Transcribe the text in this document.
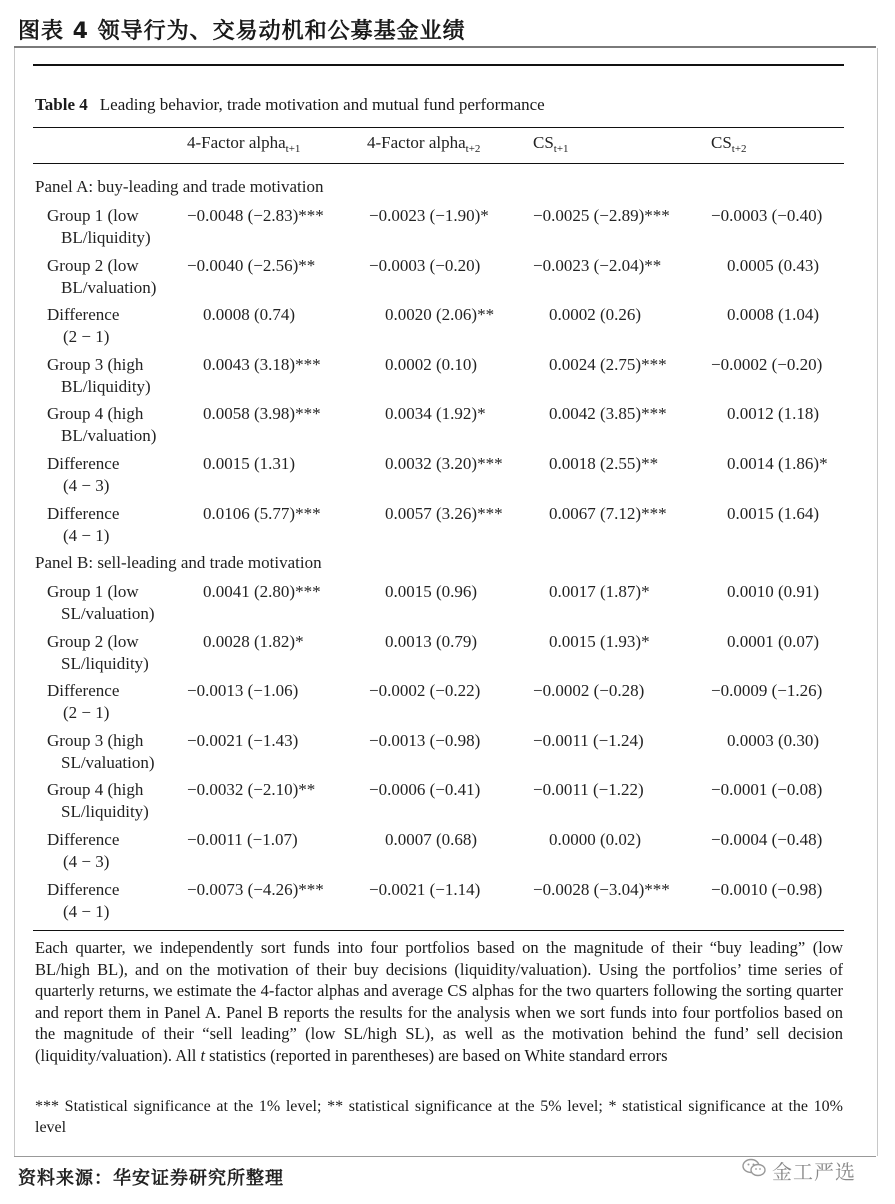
图表 4 领导行为、交易动机和公募基金业绩
Table 4 Leading behavior, trade motivation and mutual fund performance
4-Factor alpha$_{t+1}$	4-Factor alpha$_{t+2}$	$CS_{t+1}$	$CS_{t+2}$
Panel A: buy-leading and trade motivation
Group 1 (low
BL/liquidity)
−0.0048 (−2.83)***	−0.0023 (−1.90)*	−0.0025 (−2.89)*** −0.0003 (−0.40)
Group 2 (low
BL/valuation)
−0.0040 (−2.56)**	−0.0003 (−0.20)	−0.0023 (−2.04)**	0.0005 (0.43)
Difference
(2 − 1)
0.0008 (0.74)	0.0020 (2.06)**	0.0002 (0.26)	0.0008 (1.04)
Group 3 (high
BL/liquidity)
0.0043 (3.18)***	0.0002 (0.10)	0.0024 (2.75)***	−0.0002 (−0.20)
Group 4 (high
BL/valuation)
0.0058 (3.98)***	0.0034 (1.92)*	0.0042 (3.85)***	0.0012 (1.18)
Difference
(4 − 3)
0.0015 (1.31)	0.0032 (3.20)***	0.0018 (2.55)**	0.0014 (1.86)*
Difference
(4 − 1)
0.0106 (5.77)***	0.0057 (3.26)***	0.0067 (7.12)***	0.0015 (1.64)
Panel B: sell-leading and trade motivation
Group 1 (low
SL/valuation)
0.0041 (2.80)***	0.0015 (0.96)	0.0017 (1.87)*	0.0010 (0.91)
Group 2 (low
SL/liquidity)
0.0028 (1.82)*	0.0013 (0.79)	0.0015 (1.93)*	0.0001 (0.07)
Difference
(2 − 1)
−0.0013 (−1.06)	−0.0002 (−0.22)	−0.0002 (−0.28)	−0.0009 (−1.26)
Group 3 (high
SL/valuation)
−0.0021 (−1.43)	−0.0013 (−0.98)	−0.0011 (−1.24)	0.0003 (0.30)
Group 4 (high
SL/liquidity)
−0.0032 (−2.10)**	−0.0006 (−0.41)	−0.0011 (−1.22)	−0.0001 (−0.08)
Difference
(4 − 3)
−0.0011 (−1.07)	0.0007 (0.68)	0.0000 (0.02)	−0.0004 (−0.48)
Difference
(4 − 1)
−0.0073 (−4.26)***	−0.0021 (−1.14)	−0.0028 (−3.04)*** −0.0010 (−0.98)
Each quarter, we independently sort funds into four portfolios based on the magnitude of their “buy leading” (low BL/high BL), and on the motivation of their buy decisions (liquidity/valuation). Using the portfolios’ time series of quarterly returns, we estimate the 4-factor alphas and average CS alphas for the two quarters following the sorting quarter and report them in Panel A. Panel B reports the results for the analysis when we sort funds into four portfolios based on the magnitude of their “sell leading” (low SL/high SL), as well as the motivation behind the fund’ sell decision (liquidity/valuation). All t statistics (reported in parentheses) are based on White standard errors
*** Statistical significance at the 1% level; ** statistical significance at the 5% level; * statistical significance at the 10% level
资料来源：华安证券研究所整理	金工严选
